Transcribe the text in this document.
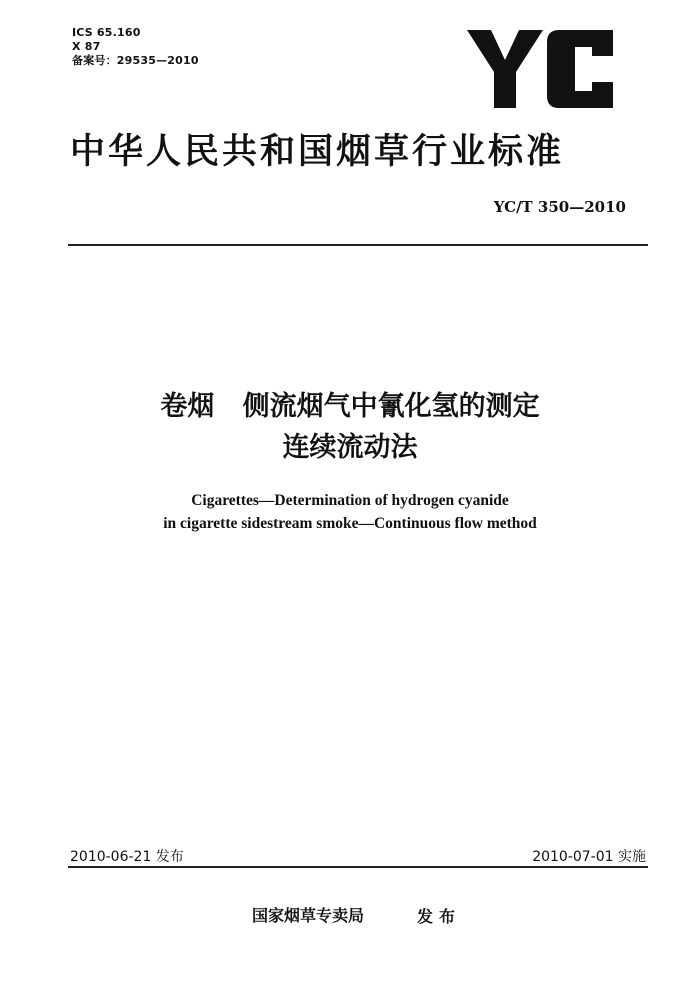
ICS 65.160
X 87
备案号：29535—2010
中华人民共和国烟草行业标准
YC/T 350—2010
卷烟   侧流烟气中氰化氢的测定
连续流动法
Cigarettes—Determination of hydrogen cyanide
in cigarette sidestream smoke—Continuous flow method
2010-06-21 发布	2010-07-01 实施
国家烟草专卖局	发布
